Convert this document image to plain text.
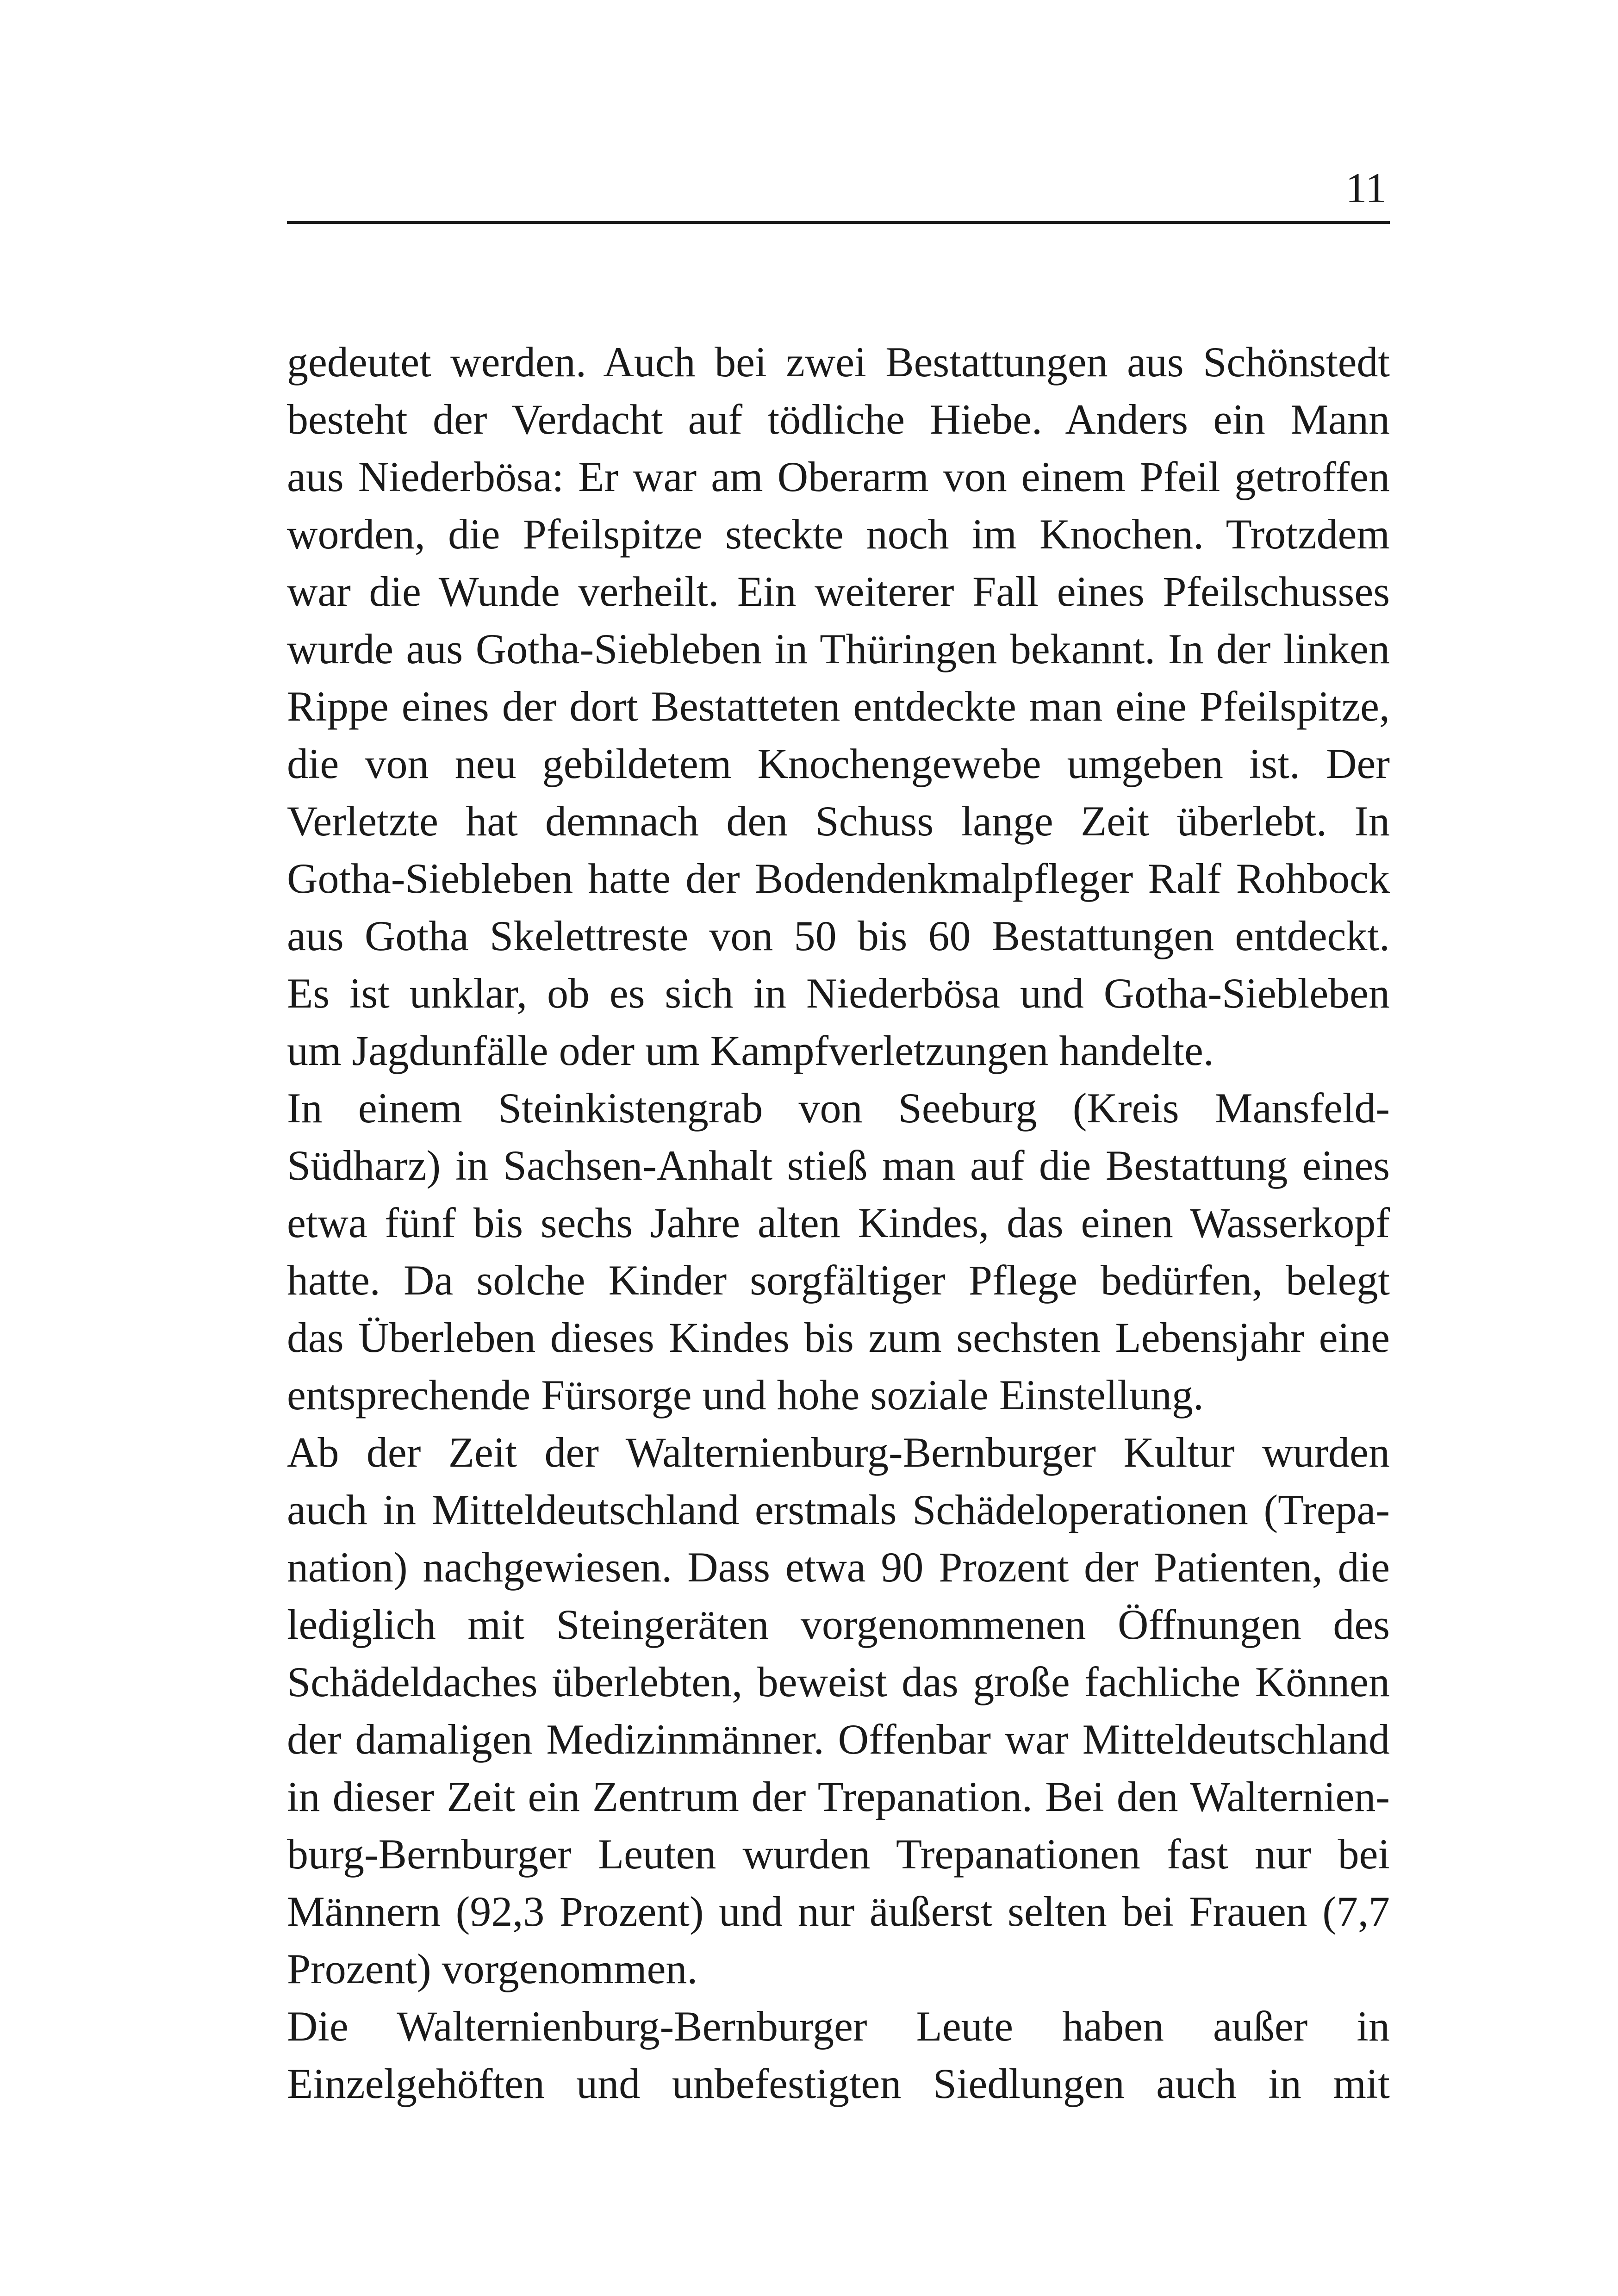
11
gedeutet werden. Auch bei zwei Bestattungen aus Schönstedt
besteht der Verdacht auf tödliche Hiebe. Anders ein Mann
aus Niederbösa: Er war am Oberarm von einem Pfeil getroffen
worden, die Pfeilspitze steckte noch im Knochen. Trotzdem
war die Wunde verheilt. Ein weiterer Fall eines Pfeilschusses
wurde aus Gotha-Siebleben in Thüringen bekannt. In der linken
Rippe eines der dort Bestatteten entdeckte man eine Pfeilspitze,
die von neu gebildetem Knochengewebe umgeben ist. Der
Verletzte hat demnach den Schuss lange Zeit überlebt. In
Gotha-Siebleben hatte der Bodendenkmalpfleger Ralf Rohbock
aus Gotha Skelettreste von 50 bis 60 Bestattungen entdeckt.
Es ist unklar, ob es sich in Niederbösa und Gotha-Siebleben
um Jagdunfälle oder um Kampfverletzungen handelte.
In einem Steinkistengrab von Seeburg (Kreis Mansfeld-
Südharz) in Sachsen-Anhalt stieß man auf die Bestattung eines
etwa fünf bis sechs Jahre alten Kindes, das einen Wasserkopf
hatte. Da solche Kinder sorgfältiger Pflege bedürfen, belegt
das Überleben dieses Kindes bis zum sechsten Lebensjahr eine
entsprechende Fürsorge und hohe soziale Einstellung.
Ab der Zeit der Walternienburg-Bernburger Kultur wurden
auch in Mitteldeutschland erstmals Schädeloperationen (Trepa-
nation) nachgewiesen. Dass etwa 90 Prozent der Patienten, die
lediglich mit Steingeräten vorgenommenen Öffnungen des
Schädeldaches überlebten, beweist das große fachliche Können
der damaligen Medizinmänner. Offenbar war Mitteldeutschland
in dieser Zeit ein Zentrum der Trepanation. Bei den Walternien-
burg-Bernburger Leuten wurden Trepanationen fast nur bei
Männern (92,3 Prozent) und nur äußerst selten bei Frauen (7,7
Prozent) vorgenommen.
Die Walternienburg-Bernburger Leute haben außer in
Einzelgehöften und unbefestigten Siedlungen auch in mit
